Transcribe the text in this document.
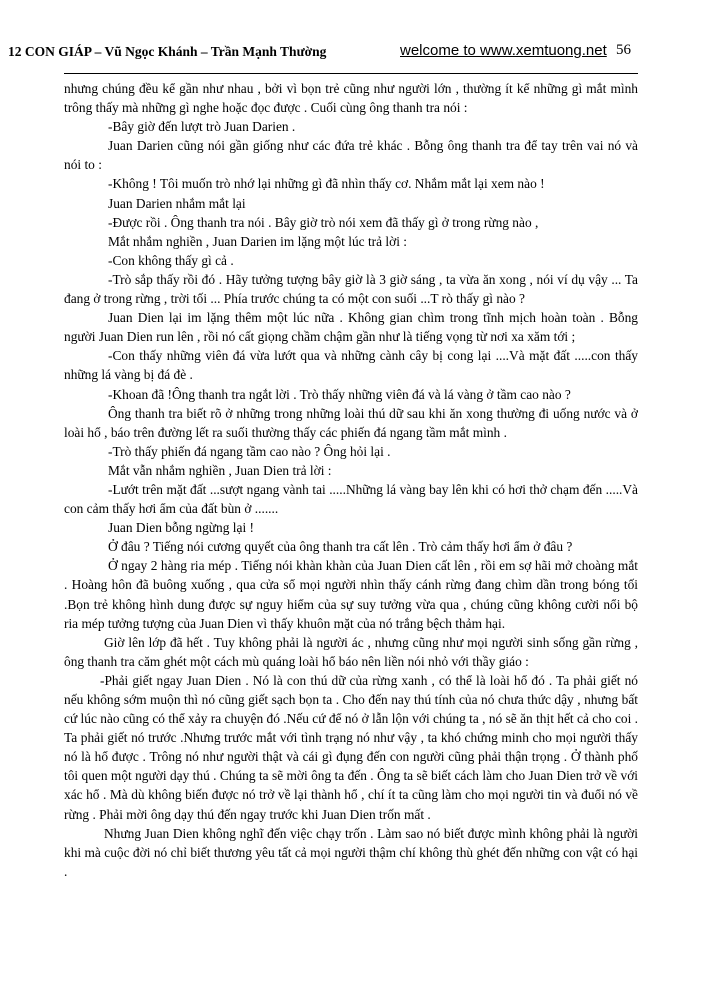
12 CON GIÁP – Vũ Ngọc Khánh – Trần Mạnh Thường	welcome to www.xemtuong.net 56

nhưng chúng đều kể gần như nhau , bởi vì bọn trẻ cũng như người lớn , thường ít kể những gì mắt mình trông thấy mà những gì nghe hoặc đọc được . Cuối cùng ông thanh tra nói :

-Bây giờ đến lượt trò Juan Darien .

Juan Darien cũng nói gần giống như các đứa trẻ khác . Bỗng ông thanh tra để tay trên vai nó và nói to :

-Không ! Tôi muốn trò nhớ lại những gì đã nhìn thấy cơ. Nhắm mắt lại xem nào !

Juan Darien nhắm mắt lại

-Được rồi . Ông thanh tra nói . Bây giờ trò nói xem đã thấy gì ở trong rừng nào ,

Mắt nhắm nghiền , Juan Darien im lặng một lúc trả lời :

-Con không thấy gì cả .

-Trò sắp thấy rồi đó . Hãy tưởng tượng bây giờ là 3 giờ sáng , ta vừa ăn xong , nói ví dụ vậy ... Ta đang ở trong rừng , trời tối ... Phía trước chúng ta có một con suối ...T rò thấy gì nào ?

Juan Dien lại im lặng thêm một lúc nữa . Không gian chìm trong tĩnh mịch hoàn toàn . Bỗng người Juan Dien run lên , rồi nó cất giọng chầm chậm gần như là tiếng vọng từ nơi xa xăm tới ;

-Con thấy những viên đá vừa lướt qua và những cành cây bị cong lại ....Và mặt đất .....con thấy những lá vàng bị đá đè .

-Khoan đã !Ông thanh tra ngắt lời . Trò thấy những viên đá và lá vàng ở tầm cao nào ?

Ông thanh tra biết rõ ở những trong những loài thú dữ sau khi ăn xong thường đi uống nước và ở loài hổ , báo trên đường lết ra suối thường thấy các phiến đá ngang tầm mắt mình .

-Trò thấy phiến đá ngang tầm cao nào ? Ông hỏi lại .

Mắt vẫn nhắm nghiền , Juan Dien trả lời :

-Lướt trên mặt đất ...sượt ngang vành tai .....Những lá vàng bay lên khi có hơi thở chạm đến .....Và con cảm thấy hơi ẩm của đất bùn ở .......

Juan Dien bỗng ngừng lại !

Ở đâu ? Tiếng nói cương quyết của ông thanh tra cất lên . Trò cảm thấy hơi ẩm ở đâu ?

Ở ngay 2 hàng ria mép . Tiếng nói khàn khàn của Juan Dien cất lên , rồi em sợ hãi mở choàng mắt . Hoàng hôn đã buông xuống , qua cửa sổ mọi người nhìn thấy cánh rừng đang chìm dần trong bóng tối .Bọn trẻ không hình dung được sự nguy hiểm của sự suy tưởng vừa qua , chúng cũng không cười nổi bộ ria mép tưởng tượng của Juan Dien vì thấy khuôn mặt của nó trắng bệch thảm hại.

Giờ lên lớp đã hết . Tuy không phải là người ác , nhưng cũng như mọi người sinh sống gần rừng , ông thanh tra căm ghét một cách mù quáng loài hổ báo nên liền nói nhỏ với thầy giáo :

-Phải giết ngay Juan Dien . Nó là con thú dữ của rừng xanh , có thể là loài hổ đó . Ta phải giết nó nếu không sớm muộn thì nó cũng giết sạch bọn ta . Cho đến nay thú tính của nó chưa thức dậy , nhưng bất cứ lúc nào cũng có thể xảy ra chuyện đó .Nếu cứ để nó ở lẫn lộn với chúng ta , nó sẽ ăn thịt hết cả cho coi . Ta phải giết nó trước .Nhưng trước mắt với tình trạng nó như vậy , ta khó chứng minh cho mọi người thấy nó là hổ được . Trông nó như người thật và cái gì đụng đến con người cũng phải thận trọng . Ở thành phố tôi quen một người dạy thú . Chúng ta sẽ mời ông ta đến . Ông ta sẽ biết cách làm cho Juan Dien trở về với xác hổ . Mà dù không biến được nó trở về lại thành hổ , chí ít ta cũng làm cho mọi người tin và đuổi nó về rừng . Phải mời ông dạy thú đến ngay trước khi Juan Dien trốn mất .

Nhưng Juan Dien không nghĩ đến việc chạy trốn . Làm sao nó biết được mình không phải là người khi mà cuộc đời nó chỉ biết thương yêu tất cả mọi người thậm chí không thù ghét đến những con vật có hại .
